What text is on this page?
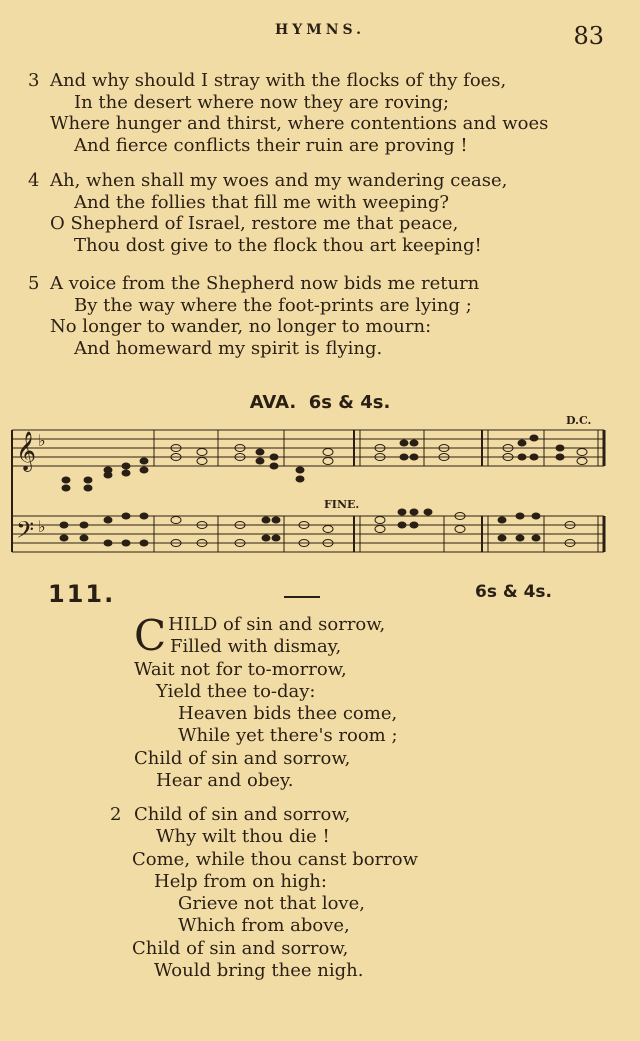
HYMNS.	83
3 And why should I stray with the flocks of thy foes,
In the desert where now they are roving;
Where hunger and thirst, where contentions and woes
And fierce conflicts their ruin are proving !
4 Ah, when shall my woes and my wandering cease,
And the follies that fill me with weeping?
O Shepherd of Israel, restore me that peace,
Thou dost give to the flock thou art keeping!
5 A voice from the Shepherd now bids me return
By the way where the foot-prints are lying ;
No longer to wander, no longer to mourn:
And homeward my spirit is flying.
AVA. 6s & 4s.
𝄞
𝄢
♭
♭
D.C.
FINE.
111.	6s & 4s.
CHILD of sin and sorrow,
Filled with dismay,
Wait not for to-morrow,
Yield thee to-day:
Heaven bids thee come,
While yet there's room ;
Child of sin and sorrow,
Hear and obey.
2 Child of sin and sorrow,
Why wilt thou die !
Come, while thou canst borrow
Help from on high:
Grieve not that love,
Which from above,
Child of sin and sorrow,
Would bring thee nigh.
